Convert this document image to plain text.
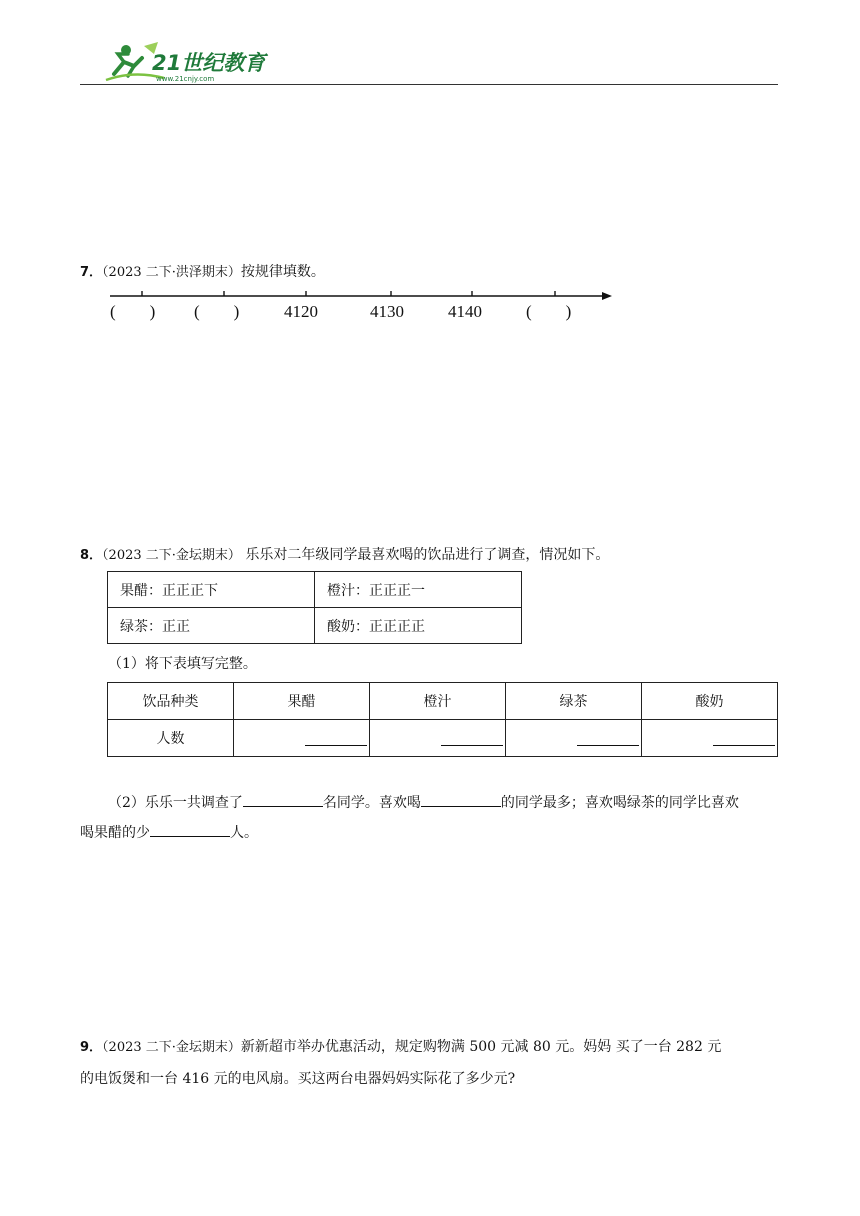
21世纪教育
www.21cnjy.com
7．（2023 二下·洪泽期末）按规律填数。
(　　) (　　)	4120	4130	4140	(　　)
8．（2023 二下·金坛期末） 乐乐对二年级同学最喜欢喝的饮品进行了调查，情况如下。
果醋：正正正下	橙汁：正正正一
绿茶：正正	酸奶：正正正正
（1）将下表填写完整。
饮品种类	果醋	橙汁	绿茶	酸奶
人数	

（2）乐乐一共调查了	名同学。喜欢喝	的同学最多；喜欢喝绿茶的同学比喜欢
喝果醋的少	人。
9．（2023 二下·金坛期末）新新超市举办优惠活动，规定购物满 500 元减 80 元。妈妈 买了一台 282 元
的电饭煲和一台 416 元的电风扇。买这两台电器妈妈实际花了多少元?
